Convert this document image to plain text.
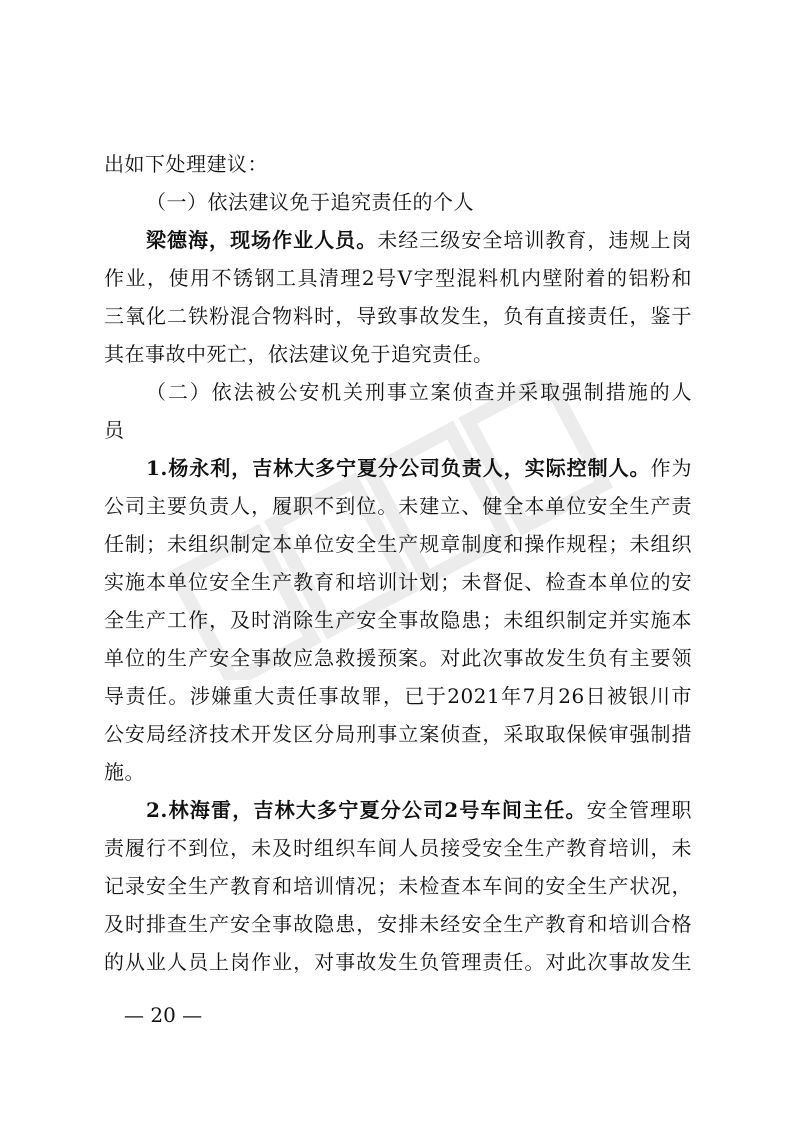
出如下处理建议：
（一）依法建议免于追究责任的个人
梁德海，现场作业人员。未经三级安全培训教育，违规上岗
作业，使用不锈钢工具清理2号V字型混料机内壁附着的铝粉和
三氧化二铁粉混合物料时，导致事故发生，负有直接责任，鉴于
其在事故中死亡，依法建议免于追究责任。
（二）依法被公安机关刑事立案侦查并采取强制措施的人
员
1.杨永利，吉林大多宁夏分公司负责人，实际控制人。作为
公司主要负责人，履职不到位。未建立、健全本单位安全生产责
任制；未组织制定本单位安全生产规章制度和操作规程；未组织
实施本单位安全生产教育和培训计划；未督促、检查本单位的安
全生产工作，及时消除生产安全事故隐患；未组织制定并实施本
单位的生产安全事故应急救援预案。对此次事故发生负有主要领
导责任。涉嫌重大责任事故罪，已于2021年7月26日被银川市
公安局经济技术开发区分局刑事立案侦查，采取取保候审强制措
施。
2.林海雷，吉林大多宁夏分公司2号车间主任。安全管理职
责履行不到位，未及时组织车间人员接受安全生产教育培训，未
记录安全生产教育和培训情况；未检查本车间的安全生产状况，
及时排查生产安全事故隐患，安排未经安全生产教育和培训合格
的从业人员上岗作业，对事故发生负管理责任。对此次事故发生
— 20 —
